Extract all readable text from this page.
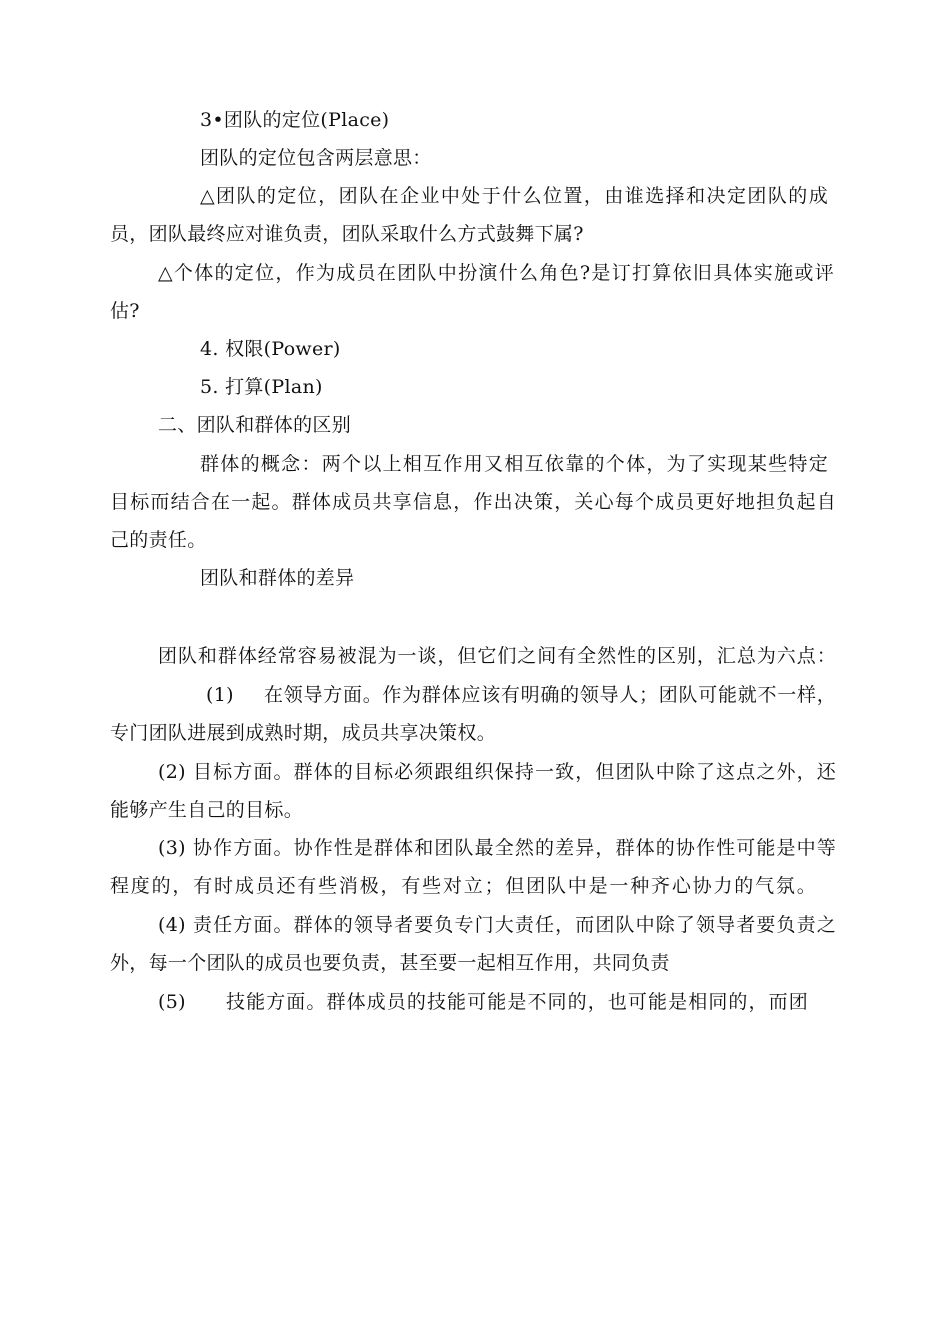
3•团队的定位(Place)
团队的定位包含两层意思：
△团队的定位，团队在企业中处于什么位置，由谁选择和决定团队的成
员，团队最终应对谁负责，团队采取什么方式鼓舞下属?
△个体的定位，作为成员在团队中扮演什么角色?是订打算依旧具体实施或评
估?
4. 权限(Power)
5. 打算(Plan)
二、团队和群体的区别
群体的概念：两个以上相互作用又相互依靠的个体，为了实现某些特定
目标而结合在一起。群体成员共享信息，作出决策，关心每个成员更好地担负起自
己的责任。
团队和群体的差异
团队和群体经常容易被混为一谈，但它们之间有全然性的区别，汇总为六点：
(1) 在领导方面。作为群体应该有明确的领导人；团队可能就不一样，
专门团队进展到成熟时期，成员共享决策权。
(2) 目标方面。群体的目标必须跟组织保持一致，但团队中除了这点之外，还
能够产生自己的目标。
(3) 协作方面。协作性是群体和团队最全然的差异，群体的协作性可能是中等
程度的，有时成员还有些消极，有些对立；但团队中是一种齐心协力的气氛。
(4) 责任方面。群体的领导者要负专门大责任，而团队中除了领导者要负责之
外，每一个团队的成员也要负责，甚至要一起相互作用，共同负责
(5) 技能方面。群体成员的技能可能是不同的，也可能是相同的，而团
